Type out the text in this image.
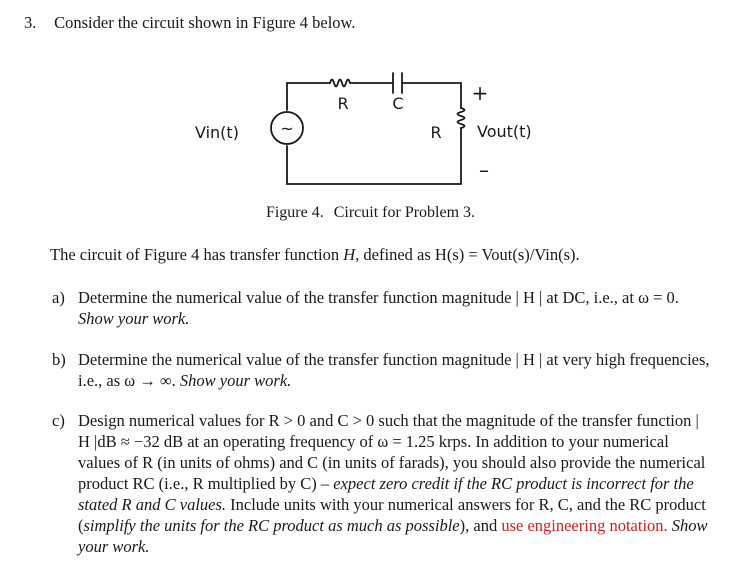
3. Consider the circuit shown in Figure 4 below.
~
Vin(t)
R	C
R Vout(t)
+
–
Figure 4. Circuit for Problem 3.
The circuit of Figure 4 has transfer function H, defined as H(s) = Vout(s)/Vin(s).
a) Determine the numerical value of the transfer function magnitude | H | at DC, i.e., at ω = 0. Show your work.
b) Determine the numerical value of the transfer function magnitude | H | at very high frequencies, i.e., as ω → ∞. Show your work.
c) Design numerical values for R > 0 and C > 0 such that the magnitude of the transfer function | H |dB ≈ −32 dB at an operating frequency of ω = 1.25 krps. In addition to your numerical values of R (in units of ohms) and C (in units of farads), you should also provide the numerical product RC (i.e., R multiplied by C) – expect zero credit if the RC product is incorrect for the stated R and C values. Include units with your numerical answers for R, C, and the RC product (simplify the units for the RC product as much as possible), and use engineering notation. Show your work.
